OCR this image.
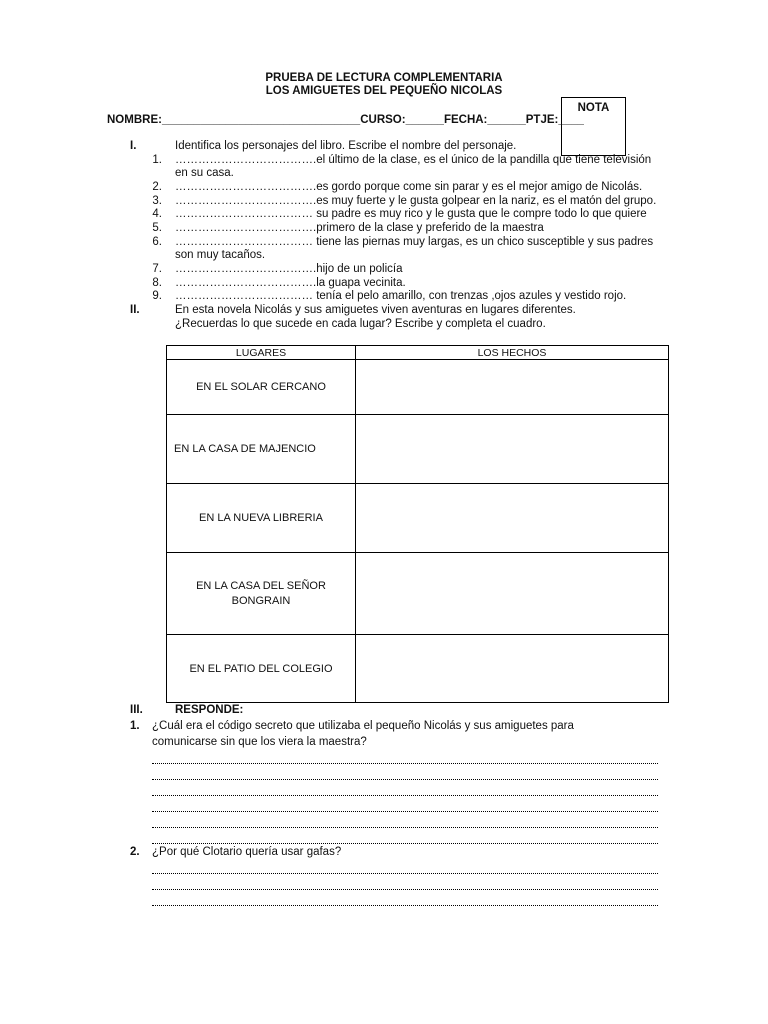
PRUEBA DE LECTURA COMPLEMENTARIA
LOS AMIGUETES DEL PEQUEÑO NICOLAS
NOTA
NOMBRE:_______________________________CURSO:______FECHA:______PTJE:____
I.	Identifica los personajes del libro. Escribe el nombre del personaje.
1. ……………………………….el último de la clase, es el único de la pandilla que tiene televisión
en su casa.
2. ……………………………….es gordo porque come sin parar y es el mejor amigo de Nicolás.
3. ……………………………….es muy fuerte y le gusta golpear en la nariz, es el matón del grupo.
4. ……………………………… su padre es muy rico y le gusta que le compre todo lo que quiere
5. ……………………………….primero de la clase y preferido de la maestra
6. ……………………………… tiene las piernas muy largas, es un chico susceptible y sus padres
son muy tacaños.
7. ……………………………….hijo de un policía
8. ……………………………….la guapa vecinita.
9. ……………………………… tenía el pelo amarillo, con trenzas ,ojos azules y vestido rojo.
II.	En esta novela Nicolás y sus amiguetes viven aventuras en lugares diferentes.
¿Recuerdas lo que sucede en cada lugar? Escribe y completa el cuadro.
LUGARES	LOS HECHOS
EN EL SOLAR CERCANO	
EN LA CASA DE MAJENCIO	
EN LA NUEVA LIBRERIA	
EN LA CASA DEL SEÑOR BONGRAIN	
EN EL PATIO DEL COLEGIO	
III.	RESPONDE:
1. ¿Cuál era el código secreto que utilizaba el pequeño Nicolás y sus amiguetes para
comunicarse sin que los viera la maestra?
2. ¿Por qué Clotario quería usar gafas?
